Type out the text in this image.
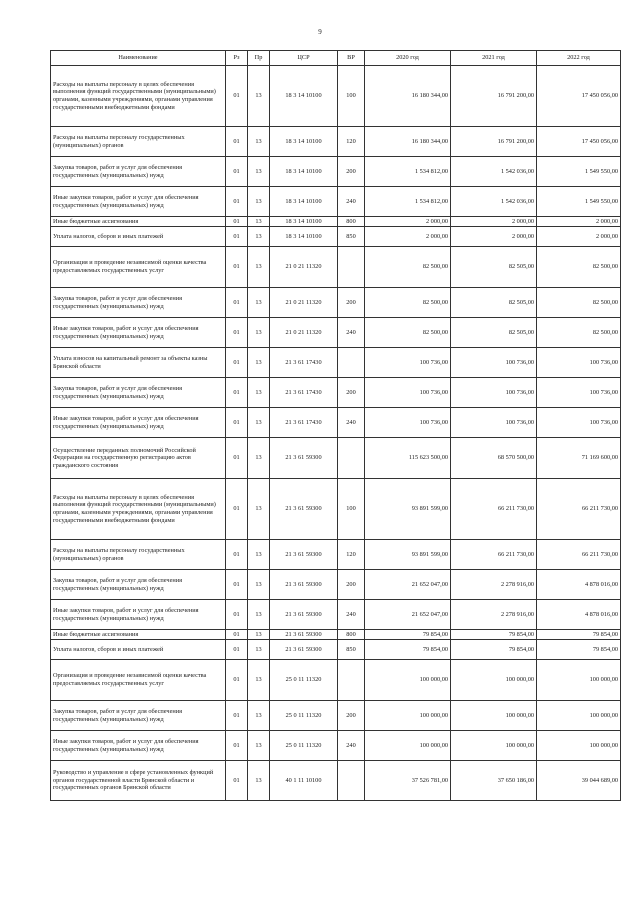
9
Наименование	Рз	Пр	ЦСР	ВР	2020 год	2021 год	2022 год
Расходы на выплаты персоналу в целях обеспечения выполнения функций государственными (муниципальными) органами, казенными учреждениями, органами управления государственными внебюджетными фондами	01	13	18 3 14 10100	100	16 180 344,00	16 791 200,00	17 450 056,00
Расходы на выплаты персоналу государственных (муниципальных) органов	01	13	18 3 14 10100	120	16 180 344,00	16 791 200,00	17 450 056,00
Закупка товаров, работ и услуг для обеспечения государственных (муниципальных) нужд	01	13	18 3 14 10100	200	1 534 812,00	1 542 036,00	1 549 550,00
Иные закупки товаров, работ и услуг для обеспечения государственных (муниципальных) нужд	01	13	18 3 14 10100	240	1 534 812,00	1 542 036,00	1 549 550,00
Иные бюджетные ассигнования	01	13	18 3 14 10100	800	2 000,00	2 000,00	2 000,00
Уплата налогов, сборов и иных платежей	01	13	18 3 14 10100	850	2 000,00	2 000,00	2 000,00
Организация и проведение независимой оценки качества предоставляемых государственных услуг	01	13	21 0 21 11320		82 500,00	82 505,00	82 500,00
Закупка товаров, работ и услуг для обеспечения государственных (муниципальных) нужд	01	13	21 0 21 11320	200	82 500,00	82 505,00	82 500,00
Иные закупки товаров, работ и услуг для обеспечения государственных (муниципальных) нужд	01	13	21 0 21 11320	240	82 500,00	82 505,00	82 500,00
Уплата взносов на капитальный ремонт за объекты казны Брянской области	01	13	21 3 61 17430		100 736,00	100 736,00	100 736,00
Закупка товаров, работ и услуг для обеспечения государственных (муниципальных) нужд	01	13	21 3 61 17430	200	100 736,00	100 736,00	100 736,00
Иные закупки товаров, работ и услуг для обеспечения государственных (муниципальных) нужд	01	13	21 3 61 17430	240	100 736,00	100 736,00	100 736,00
Осуществление переданных полномочий Российской Федерации на государственную регистрацию актов гражданского состояния	01	13	21 3 61 59300		115 623 500,00	68 570 500,00	71 169 600,00
Расходы на выплаты персоналу в целях обеспечения выполнения функций государственными (муниципальными) органами, казенными учреждениями, органами управления государственными внебюджетными фондами	01	13	21 3 61 59300	100	93 891 599,00	66 211 730,00	66 211 730,00
Расходы на выплаты персоналу государственных (муниципальных) органов	01	13	21 3 61 59300	120	93 891 599,00	66 211 730,00	66 211 730,00
Закупка товаров, работ и услуг для обеспечения государственных (муниципальных) нужд	01	13	21 3 61 59300	200	21 652 047,00	2 278 916,00	4 878 016,00
Иные закупки товаров, работ и услуг для обеспечения государственных (муниципальных) нужд	01	13	21 3 61 59300	240	21 652 047,00	2 278 916,00	4 878 016,00
Иные бюджетные ассигнования	01	13	21 3 61 59300	800	79 854,00	79 854,00	79 854,00
Уплата налогов, сборов и иных платежей	01	13	21 3 61 59300	850	79 854,00	79 854,00	79 854,00
Организация и проведение независимой оценки качества предоставляемых государственных услуг	01	13	25 0 11 11320		100 000,00	100 000,00	100 000,00
Закупка товаров, работ и услуг для обеспечения государственных (муниципальных) нужд	01	13	25 0 11 11320	200	100 000,00	100 000,00	100 000,00
Иные закупки товаров, работ и услуг для обеспечения государственных (муниципальных) нужд	01	13	25 0 11 11320	240	100 000,00	100 000,00	100 000,00
Руководство и управление в сфере установленных функций органов государственной власти Брянской области и государственных органов Брянской области	01	13	40 1 11 10100		37 526 781,00	37 650 186,00	39 044 689,00
